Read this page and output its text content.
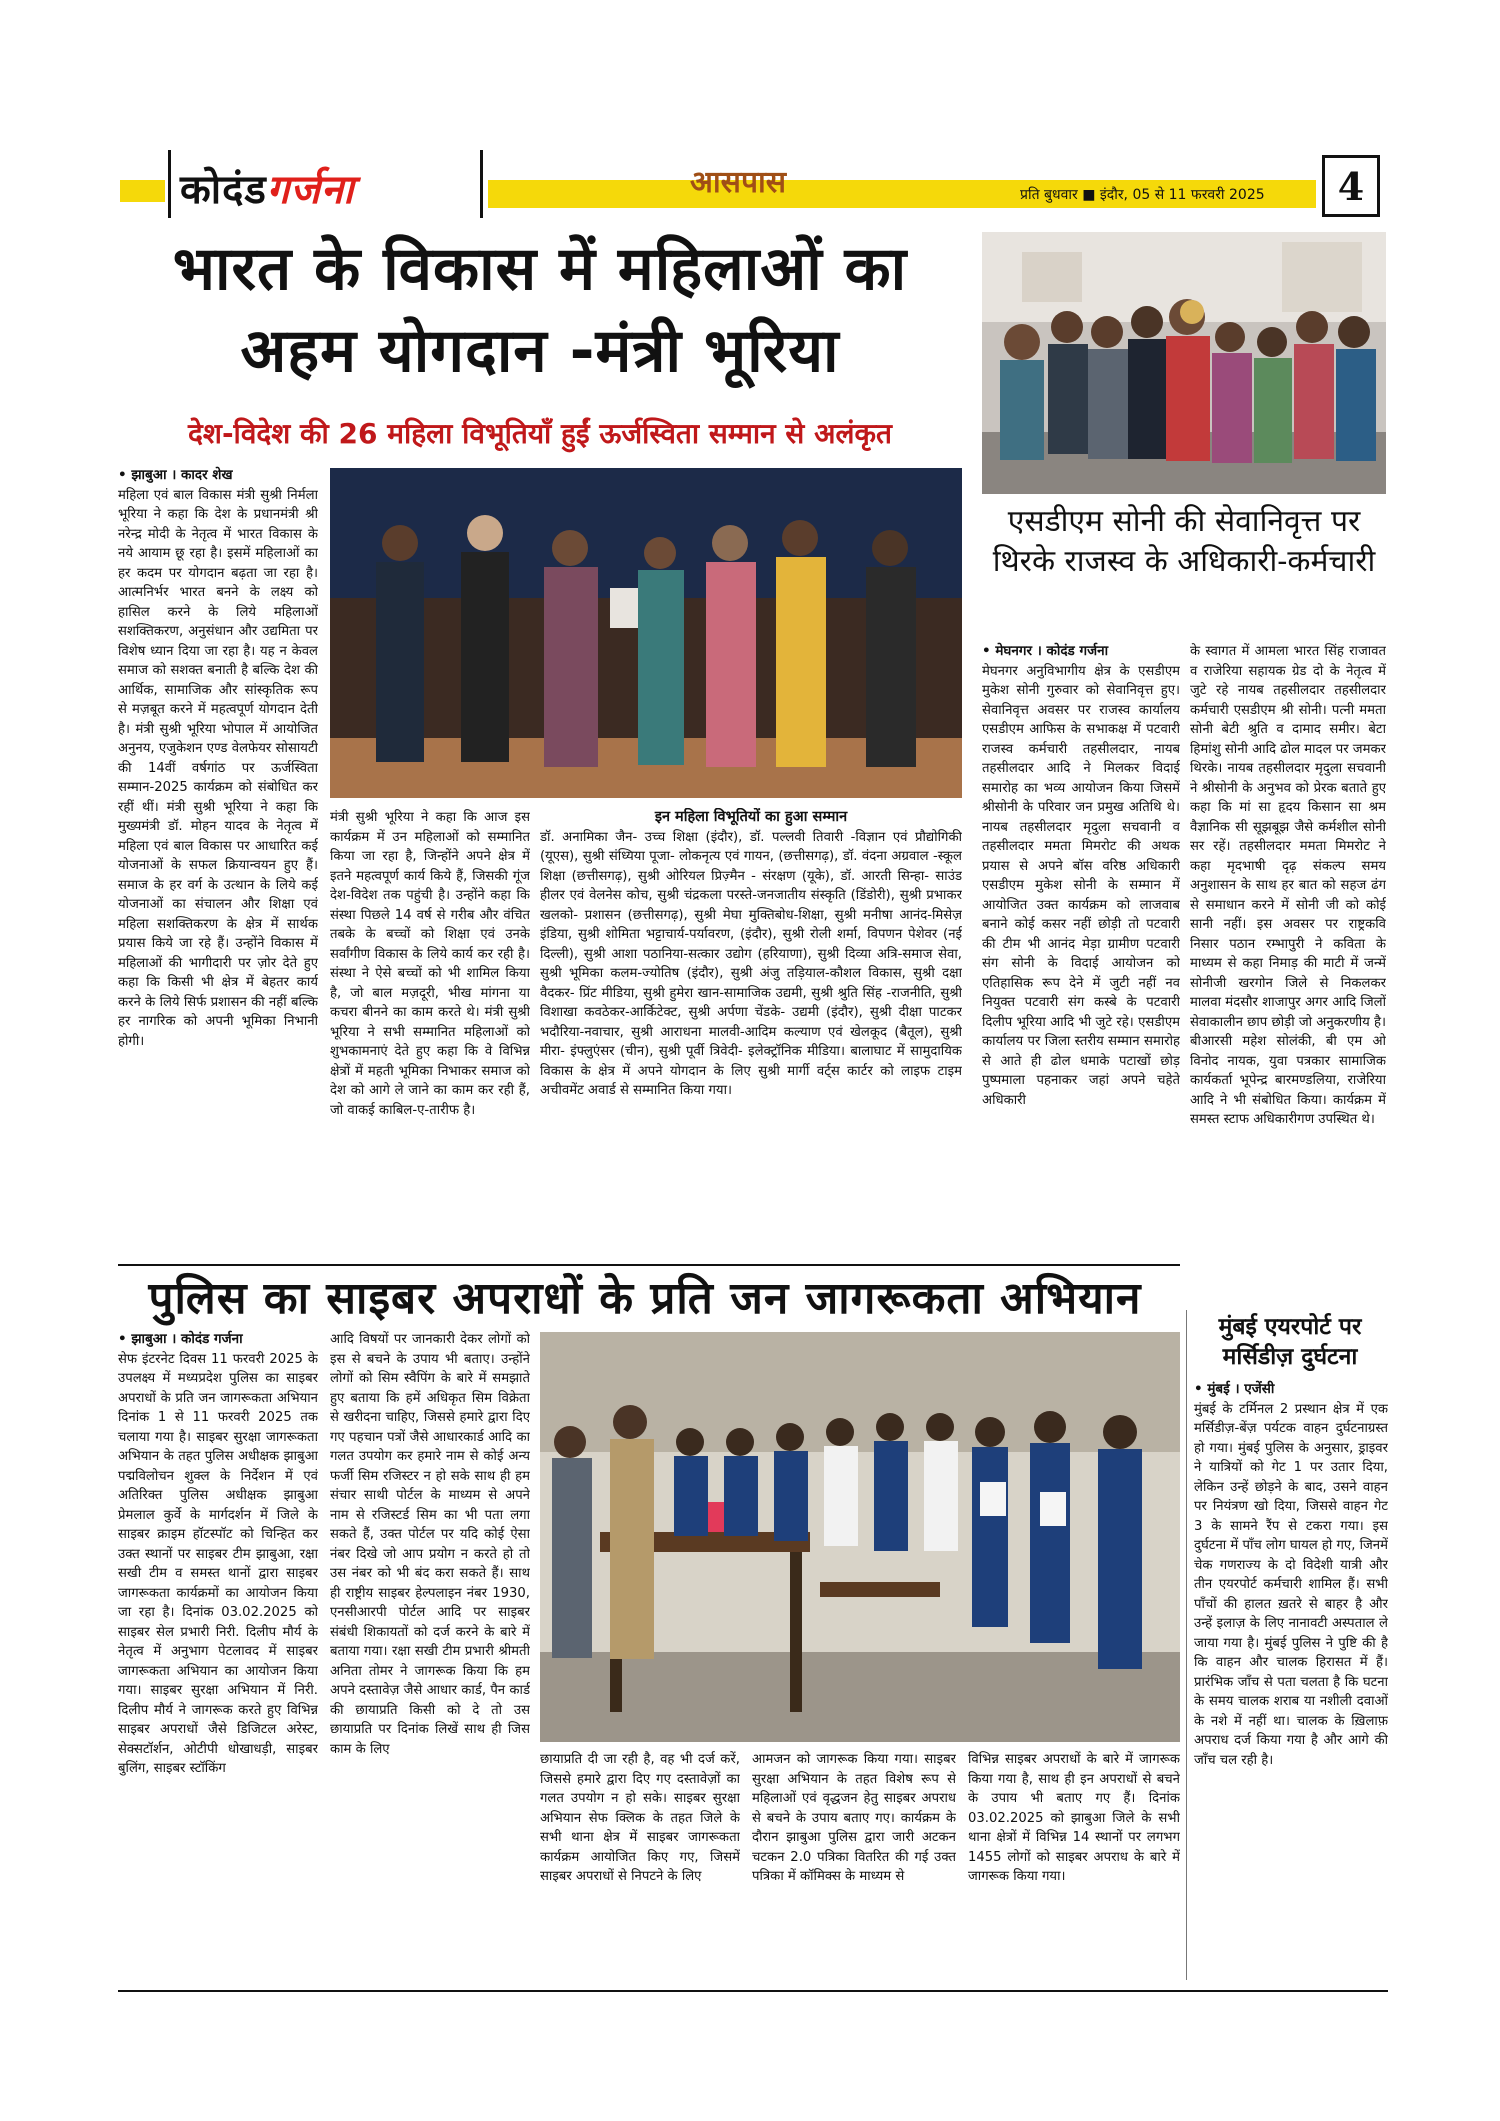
कोदंडगर्जना	आसपास	प्रति बुधवार ■ इंदौर, 05 से 11 फरवरी 2025	4
भारत के विकास में महिलाओं का
अहम योगदान -मंत्री भूरिया
देश-विदेश की 26 महिला विभूतियाँ हुईं ऊर्जस्विता सम्मान से अलंकृत
• झाबुआ । कादर शेख
महिला एवं बाल विकास मंत्री सुश्री निर्मला भूरिया ने कहा कि देश के प्रधानमंत्री श्री नरेन्द्र मोदी के नेतृत्व में भारत विकास के नये आयाम छू रहा है। इसमें महिलाओं का हर कदम पर योगदान बढ़ता जा रहा है। आत्मनिर्भर भारत बनने के लक्ष्य को हासिल करने के लिये महिलाओं सशक्तिकरण, अनुसंधान और उद्यमिता पर विशेष ध्यान दिया जा रहा है। यह न केवल समाज को सशक्त बनाती है बल्कि देश की आर्थिक, सामाजिक और सांस्कृतिक रूप से मज़बूत करने में महत्वपूर्ण योगदान देती है। मंत्री सुश्री भूरिया भोपाल में आयोजित अनुनय, एजुकेशन एण्ड वेलफेयर सोसायटी की 14वीं वर्षगांठ पर ऊर्जस्विता सम्मान-2025 कार्यक्रम को संबोधित कर रहीं थीं। मंत्री सुश्री भूरिया ने कहा कि मुख्यमंत्री डॉ. मोहन यादव के नेतृत्व में महिला एवं बाल विकास पर आधारित कई योजनाओं के सफल क्रियान्वयन हुए हैं। समाज के हर वर्ग के उत्थान के लिये कई योजनाओं का संचालन और शिक्षा एवं महिला सशक्तिकरण के क्षेत्र में सार्थक प्रयास किये जा रहे हैं। उन्होंने विकास में महिलाओं की भागीदारी पर ज़ोर देते हुए कहा कि किसी भी क्षेत्र में बेहतर कार्य करने के लिये सिर्फ प्रशासन की नहीं बल्कि हर नागरिक को अपनी भूमिका निभानी होगी।
मंत्री सुश्री भूरिया ने कहा कि आज इस कार्यक्रम में उन महिलाओं को सम्मानित किया जा रहा है, जिन्होंने अपने क्षेत्र में इतने महत्वपूर्ण कार्य किये हैं, जिसकी गूंज देश-विदेश तक पहुंची है। उन्होंने कहा कि संस्था पिछले 14 वर्ष से गरीब और वंचित तबके के बच्चों को शिक्षा एवं उनके सर्वांगीण विकास के लिये कार्य कर रही है। संस्था ने ऐसे बच्चों को भी शामिल किया है, जो बाल मज़दूरी, भीख मांगना या कचरा बीनने का काम करते थे। मंत्री सुश्री भूरिया ने सभी सम्मानित महिलाओं को शुभकामनाएं देते हुए कहा कि वे विभिन्न क्षेत्रों में महती भूमिका निभाकर समाज को देश को आगे ले जाने का काम कर रही हैं, जो वाकई काबिल-ए-तारीफ है।
इन महिला विभूतियों का हुआ सम्मान
डॉ. अनामिका जैन- उच्च शिक्षा (इंदौर), डॉ. पल्लवी तिवारी -विज्ञान एवं प्रौद्योगिकी (यूएस), सुश्री संध्यिया पूजा- लोकनृत्य एवं गायन, (छत्तीसगढ़), डॉ. वंदना अग्रवाल -स्कूल शिक्षा (छत्तीसगढ़), सुश्री ओरियल प्रिज़्मैन - संरक्षण (यूके), डॉ. आरती सिन्हा- साउंड हीलर एवं वेलनेस कोच, सुश्री चंद्रकला परस्ते-जनजातीय संस्कृति (डिंडोरी), सुश्री प्रभाकर खलको- प्रशासन (छत्तीसगढ़), सुश्री मेघा मुक्तिबोध-शिक्षा, सुश्री मनीषा आनंद-मिसेज़ इंडिया, सुश्री शोमिता भट्टाचार्य-पर्यावरण, (इंदौर), सुश्री रोली शर्मा, विपणन पेशेवर (नई दिल्ली), सुश्री आशा पठानिया-सत्कार उद्योग (हरियाणा), सुश्री दिव्या अत्रि-समाज सेवा, सुश्री भूमिका कलम-ज्योतिष (इंदौर), सुश्री अंजु तड़ियाल-कौशल विकास, सुश्री दक्षा वैदकर- प्रिंट मीडिया, सुश्री हुमेरा खान-सामाजिक उद्यमी, सुश्री श्रुति सिंह -राजनीति, सुश्री विशाखा कवठेकर-आर्किटेक्ट, सुश्री अर्पणा चेंडके- उद्यमी (इंदौर), सुश्री दीक्षा पाटकर भदौरिया-नवाचार, सुश्री आराधना मालवी-आदिम कल्याण एवं खेलकूद (बैतूल), सुश्री मीरा- इंफ्लुएंसर (चीन), सुश्री पूर्वी त्रिवेदी- इलेक्ट्रॉनिक मीडिया। बालाघाट में सामुदायिक विकास के क्षेत्र में अपने योगदान के लिए सुश्री मार्गी वर्ट्स कार्टर को लाइफ टाइम अचीवमेंट अवार्ड से सम्मानित किया गया।
एसडीएम सोनी की सेवानिवृत्त पर थिरके राजस्व के अधिकारी-कर्मचारी
• मेघनगर । कोदंड गर्जना
मेघनगर अनुविभागीय क्षेत्र के एसडीएम मुकेश सोनी गुरुवार को सेवानिवृत्त हुए। सेवानिवृत्त अवसर पर राजस्व कार्यालय एसडीएम आफिस के सभाकक्ष में पटवारी राजस्व कर्मचारी तहसीलदार, नायब तहसीलदार आदि ने मिलकर विदाई समारोह का भव्य आयोजन किया जिसमें श्रीसोनी के परिवार जन प्रमुख अतिथि थे। नायब तहसीलदार मृदुला सचवानी व तहसीलदार ममता मिमरोट की अथक प्रयास से अपने बॉस वरिष्ठ अधिकारी एसडीएम मुकेश सोनी के सम्मान में आयोजित उक्त कार्यक्रम को लाजवाब बनाने कोई कसर नहीं छोड़ी तो पटवारी की टीम भी आनंद मेड़ा ग्रामीण पटवारी संग सोनी के विदाई आयोजन को एतिहासिक रूप देने में जुटी नहीं नव नियुक्त पटवारी संग कस्बे के पटवारी दिलीप भूरिया आदि भी जुटे रहे। एसडीएम कार्यालय पर जिला स्तरीय सम्मान समारोह से आते ही ढोल धमाके पटाखों छोड़ पुष्पमाला पहनाकर जहां अपने चहेते अधिकारी
के स्वागत में आमला भारत सिंह राजावत व राजेरिया सहायक ग्रेड दो के नेतृत्व में जुटे रहे नायब तहसीलदार तहसीलदार कर्मचारी एसडीएम श्री सोनी। पत्नी ममता सोनी बेटी श्रुति व दामाद समीर। बेटा हिमांशु सोनी आदि ढोल मादल पर जमकर थिरके। नायब तहसीलदार मृदुला सचवानी ने श्रीसोनी के अनुभव को प्रेरक बताते हुए कहा कि मां सा हृदय किसान सा श्रम वैज्ञानिक सी सूझबूझ जैसे कर्मशील सोनी सर रहें। तहसीलदार ममता मिमरोट ने कहा मृदभाषी दृढ़ संकल्प समय अनुशासन के साथ हर बात को सहज ढंग से समाधान करने में सोनी जी को कोई सानी नहीं। इस अवसर पर राष्ट्रकवि निसार पठान रम्भापुरी ने कविता के माध्यम से कहा निमाड़ की माटी में जन्में सोनीजी खरगोन जिले से निकलकर मालवा मंदसौर शाजापुर अगर आदि जिलों सेवाकालीन छाप छोड़ी जो अनुकरणीय है। बीआरसी महेश सोलंकी, बी एम ओ विनोद नायक, युवा पत्रकार सामाजिक कार्यकर्ता भूपेन्द्र बारमण्डलिया, राजेरिया आदि ने भी संबोधित किया। कार्यक्रम में समस्त स्टाफ अधिकारीगण उपस्थित थे।
पुलिस का साइबर अपराधों के प्रति जन जागरूकता अभियान
• झाबुआ । कोदंड गर्जना
सेफ इंटरनेट दिवस 11 फरवरी 2025 के उपलक्ष्य में मध्यप्रदेश पुलिस का साइबर अपराधों के प्रति जन जागरूकता अभियान दिनांक 1 से 11 फरवरी 2025 तक चलाया गया है। साइबर सुरक्षा जागरूकता अभियान के तहत पुलिस अधीक्षक झाबुआ पद्मविलोचन शुक्ल के निर्देशन में एवं अतिरिक्त पुलिस अधीक्षक झाबुआ प्रेमलाल कुर्वे के मार्गदर्शन में जिले के साइबर क्राइम हॉटस्पॉट को चिन्हित कर उक्त स्थानों पर साइबर टीम झाबुआ, रक्षा सखी टीम व समस्त थानों द्वारा साइबर जागरूकता कार्यक्रमों का आयोजन किया जा रहा है। दिनांक 03.02.2025 को साइबर सेल प्रभारी निरी. दिलीप मौर्य के नेतृत्व में अनुभाग पेटलावद में साइबर जागरूकता अभियान का आयोजन किया गया। साइबर सुरक्षा अभियान में निरी. दिलीप मौर्य ने जागरूक करते हुए विभिन्न साइबर अपराधों जैसे डिजिटल अरेस्ट, सेक्सटॉर्शन, ओटीपी धोखाधड़ी, साइबर बुलिंग, साइबर स्टॉकिंग
आदि विषयों पर जानकारी देकर लोगों को इस से बचने के उपाय भी बताए। उन्होंने लोगों को सिम स्वैपिंग के बारे में समझाते हुए बताया कि हमें अधिकृत सिम विक्रेता से खरीदना चाहिए, जिससे हमारे द्वारा दिए गए पहचान पत्रों जैसे आधारकार्ड आदि का गलत उपयोग कर हमारे नाम से कोई अन्य फर्जी सिम रजिस्टर न हो सके साथ ही हम संचार साथी पोर्टल के माध्यम से अपने नाम से रजिस्टर्ड सिम का भी पता लगा सकते हैं, उक्त पोर्टल पर यदि कोई ऐसा नंबर दिखे जो आप प्रयोग न करते हो तो उस नंबर को भी बंद करा सकते हैं। साथ ही राष्ट्रीय साइबर हेल्पलाइन नंबर 1930, एनसीआरपी पोर्टल आदि पर साइबर संबंधी शिकायतों को दर्ज करने के बारे में बताया गया। रक्षा सखी टीम प्रभारी श्रीमती अनिता तोमर ने जागरूक किया कि हम अपने दस्तावेज़ जैसे आधार कार्ड, पैन कार्ड की छायाप्रति किसी को दे तो उस छायाप्रति पर दिनांक लिखें साथ ही जिस काम के लिए
छायाप्रति दी जा रही है, वह भी दर्ज करें, जिससे हमारे द्वारा दिए गए दस्तावेज़ों का गलत उपयोग न हो सके। साइबर सुरक्षा अभियान सेफ क्लिक के तहत जिले के सभी थाना क्षेत्र में साइबर जागरूकता कार्यक्रम आयोजित किए गए, जिसमें साइबर अपराधों से निपटने के लिए
आमजन को जागरूक किया गया। साइबर सुरक्षा अभियान के तहत विशेष रूप से महिलाओं एवं वृद्धजन हेतु साइबर अपराध से बचने के उपाय बताए गए। कार्यक्रम के दौरान झाबुआ पुलिस द्वारा जारी अटकन चटकन 2.0 पत्रिका वितरित की गई उक्त पत्रिका में कॉमिक्स के माध्यम से
विभिन्न साइबर अपराधों के बारे में जागरूक किया गया है, साथ ही इन अपराधों से बचने के उपाय भी बताए गए हैं। दिनांक 03.02.2025 को झाबुआ जिले के सभी थाना क्षेत्रों में विभिन्न 14 स्थानों पर लगभग 1455 लोगों को साइबर अपराध के बारे में जागरूक किया गया।
मुंबई एयरपोर्ट पर मर्सिडीज़ दुर्घटना
• मुंबई । एजेंसी
मुंबई के टर्मिनल 2 प्रस्थान क्षेत्र में एक मर्सिडीज़-बेंज़ पर्यटक वाहन दुर्घटनाग्रस्त हो गया। मुंबई पुलिस के अनुसार, ड्राइवर ने यात्रियों को गेट 1 पर उतार दिया, लेकिन उन्हें छोड़ने के बाद, उसने वाहन पर नियंत्रण खो दिया, जिससे वाहन गेट 3 के सामने रैंप से टकरा गया। इस दुर्घटना में पाँच लोग घायल हो गए, जिनमें चेक गणराज्य के दो विदेशी यात्री और तीन एयरपोर्ट कर्मचारी शामिल हैं। सभी पाँचों की हालत ख़तरे से बाहर है और उन्हें इलाज़ के लिए नानावटी अस्पताल ले जाया गया है। मुंबई पुलिस ने पुष्टि की है कि वाहन और चालक हिरासत में हैं। प्रारंभिक जाँच से पता चलता है कि घटना के समय चालक शराब या नशीली दवाओं के नशे में नहीं था। चालक के ख़िलाफ़ अपराध दर्ज किया गया है और आगे की जाँच चल रही है।
